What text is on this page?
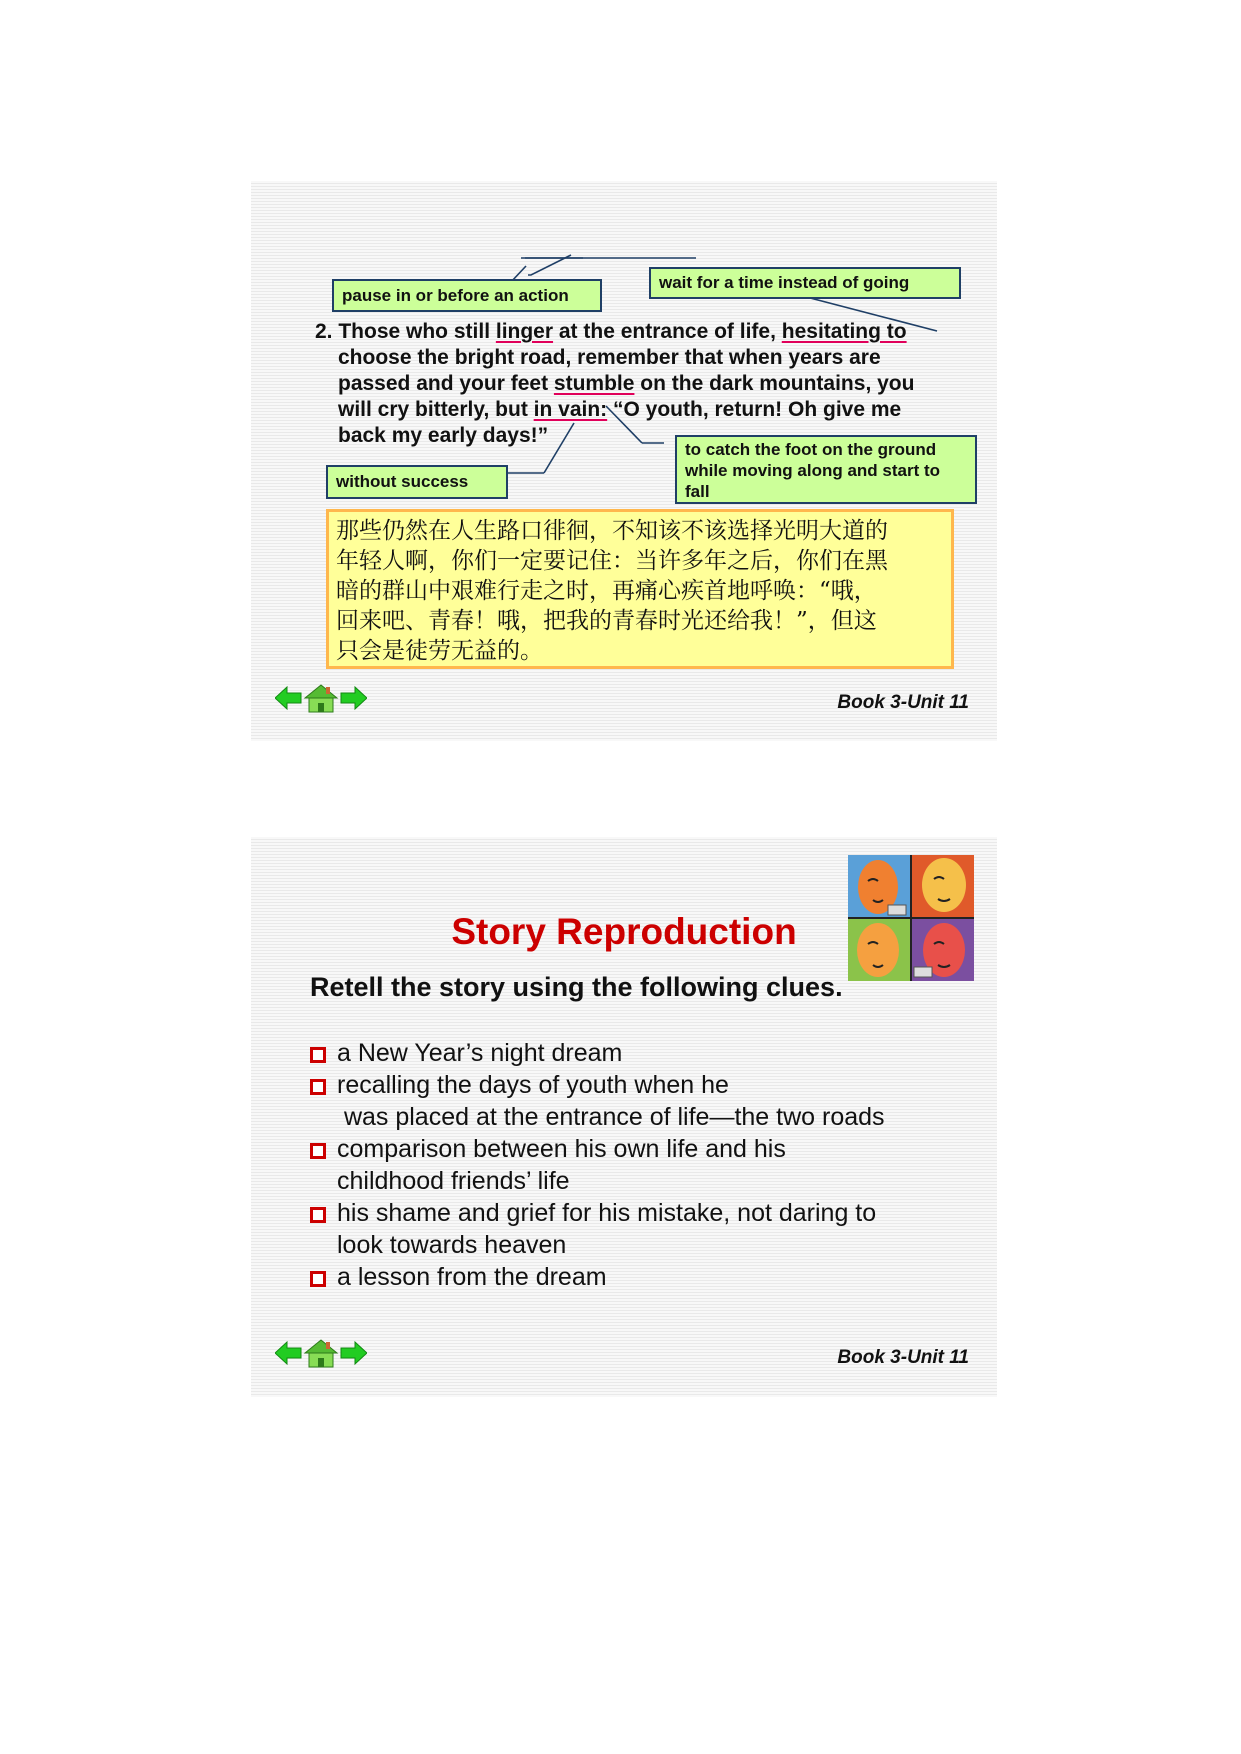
pause in or before an action
wait for a time instead of going
to catch the foot on the ground
while moving along and start to
fall
without success
2. Those who still linger at the entrance of life, hesitating to
choose the bright road, remember that when years are
passed and your feet stumble on the dark mountains, you
will cry bitterly, but in vain: “O youth, return! Oh give me
back my early days!”
那些仍然在人生路口徘徊，不知该不该选择光明大道的
年轻人啊，你们一定要记住：当许多年之后，你们在黑
暗的群山中艰难行走之时，再痛心疾首地呼唤：“哦，
回来吧、青春！哦，把我的青春时光还给我！”，但这
只会是徒劳无益的。
Book 3-Unit 11
Story Reproduction
Retell the story using the following clues.
a New Year’s night dream
recalling the days of youth when he
was placed at the entrance of life—the two roads
comparison between his own life and his
childhood friends’ life
his shame and grief for his mistake, not daring to
look towards heaven
a lesson from the dream
Book 3-Unit 11
